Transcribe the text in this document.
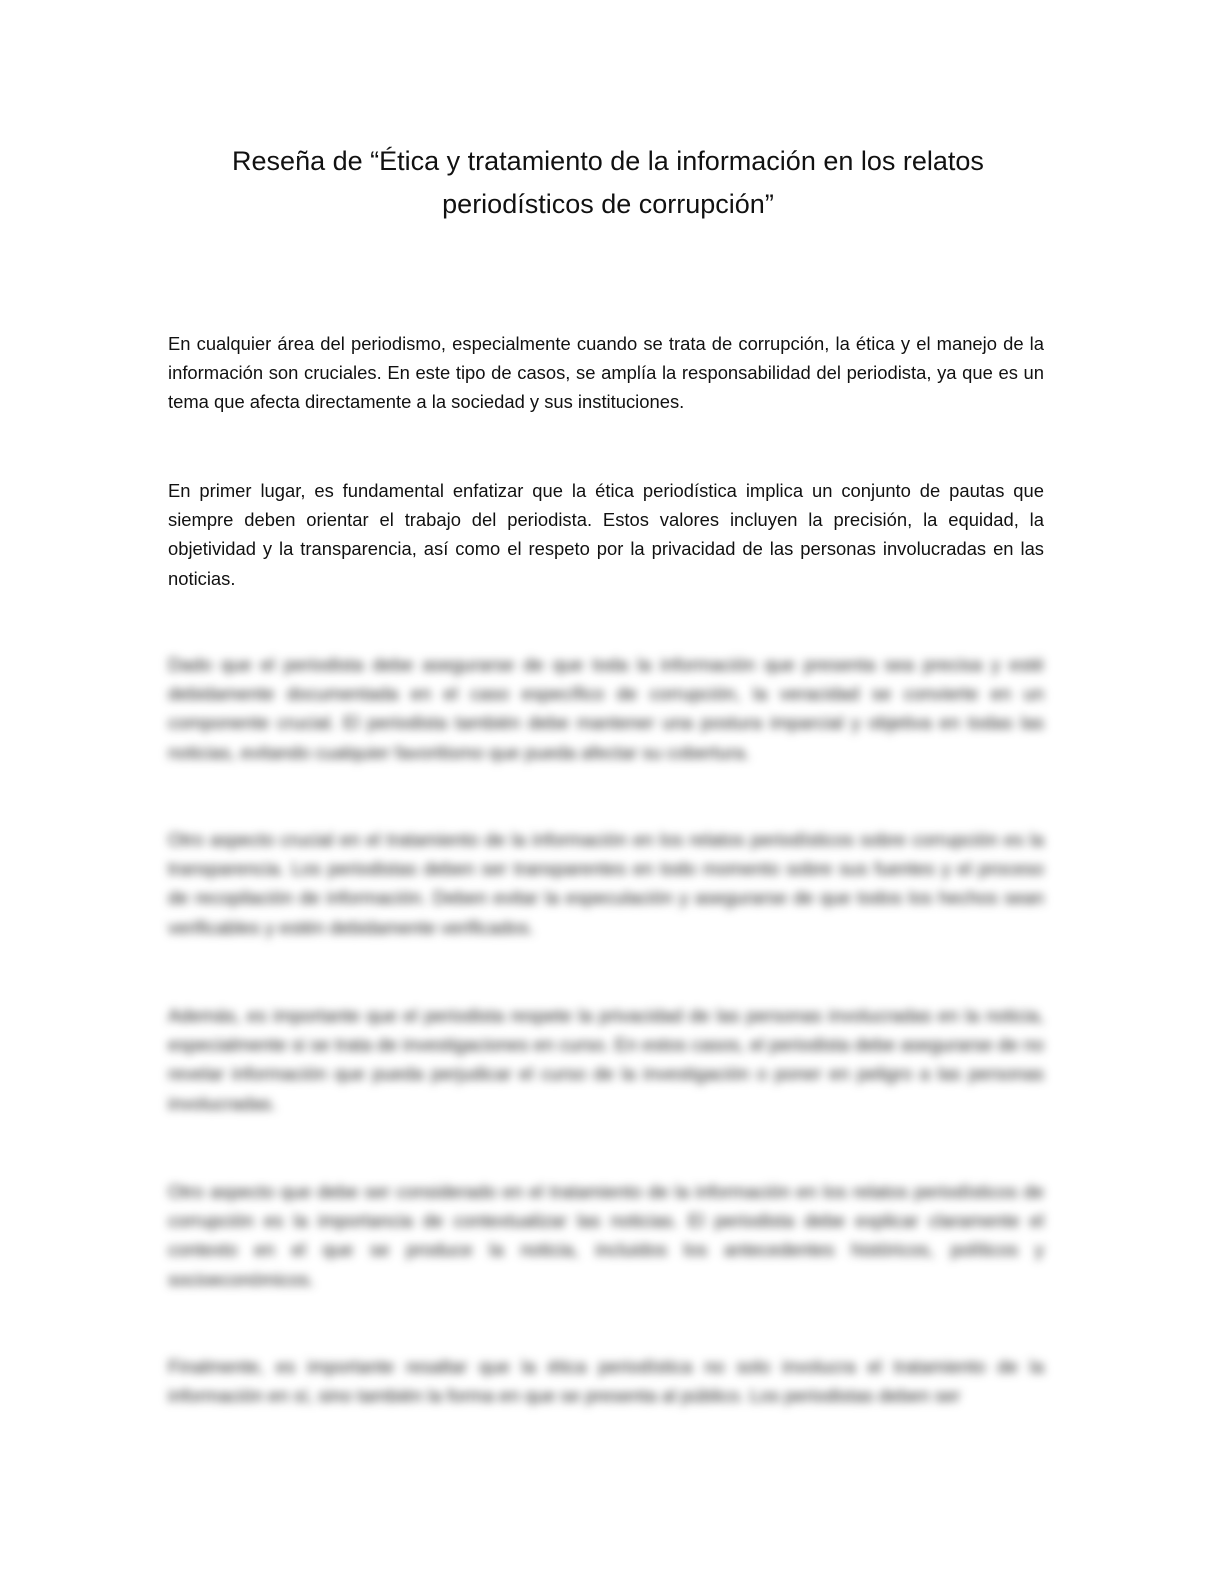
Reseña de “Ética y tratamiento de la información en los relatos periodísticos de corrupción”

En cualquier área del periodismo, especialmente cuando se trata de corrupción, la ética y el manejo de la información son cruciales. En este tipo de casos, se amplía la responsabilidad del periodista, ya que es un tema que afecta directamente a la sociedad y sus instituciones.

En primer lugar, es fundamental enfatizar que la ética periodística implica un conjunto de pautas que siempre deben orientar el trabajo del periodista. Estos valores incluyen la precisión, la equidad, la objetividad y la transparencia, así como el respeto por la privacidad de las personas involucradas en las noticias.

Dado que el periodista debe asegurarse de que toda la información que presenta sea precisa y esté debidamente documentada en el caso específico de corrupción, la veracidad se convierte en un componente crucial. El periodista también debe mantener una postura imparcial y objetiva en todas las noticias, evitando cualquier favoritismo que pueda afectar su cobertura.

Otro aspecto crucial en el tratamiento de la información en los relatos periodísticos sobre corrupción es la transparencia. Los periodistas deben ser transparentes en todo momento sobre sus fuentes y el proceso de recopilación de información. Deben evitar la especulación y asegurarse de que todos los hechos sean verificables y estén debidamente verificados.

Además, es importante que el periodista respete la privacidad de las personas involucradas en la noticia, especialmente si se trata de investigaciones en curso. En estos casos, el periodista debe asegurarse de no revelar información que pueda perjudicar el curso de la investigación o poner en peligro a las personas involucradas.

Otro aspecto que debe ser considerado en el tratamiento de la información en los relatos periodísticos de corrupción es la importancia de contextualizar las noticias. El periodista debe explicar claramente el contexto en el que se produce la noticia, incluidos los antecedentes históricos, políticos y socioeconómicos.

Finalmente, es importante resaltar que la ética periodística no solo involucra el tratamiento de la información en sí, sino también la forma en que se presenta al público. Los periodistas deben ser
